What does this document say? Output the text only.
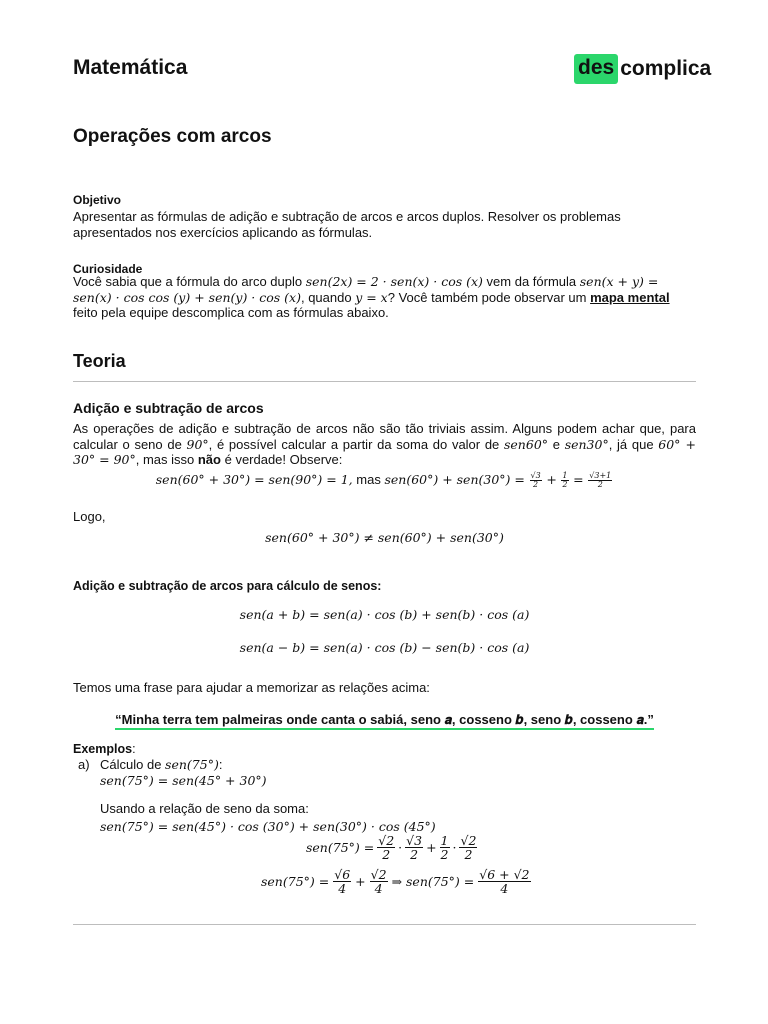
Matemática	des complica
Operações com arcos
Objetivo
Apresentar as fórmulas de adição e subtração de arcos e arcos duplos. Resolver os problemas apresentados nos exercícios aplicando as fórmulas.
Curiosidade
Você sabia que a fórmula do arco duplo sen(2x) = 2 · sen(x) · cos (x) vem da fórmula sen(x + y) = sen(x) · cos cos (y) + sen(y) · cos (x), quando y = x? Você também pode observar um mapa mental feito pela equipe descomplica com as fórmulas abaixo.
Teoria
Adição e subtração de arcos
As operações de adição e subtração de arcos não são tão triviais assim. Alguns podem achar que, para calcular o seno de 90°, é possível calcular a partir da soma do valor de sen60° e sen30°, já que 60° + 30° = 90°, mas isso não é verdade! Observe:
sen(60° + 30°) = sen(90°) = 1, mas $sen(60^\circ) + sen(30^\circ) = \frac{√3}{2} + \frac{1}{2} = \frac{√3+1}{2}$
Logo,
sen(60° + 30°) ≠ sen(60°) + sen(30°)
Adição e subtração de arcos para cálculo de senos:
sen(a + b) = sen(a) · cos (b) + sen(b) · cos (a)
sen(a − b) = sen(a) · cos (b) − sen(b) · cos (a)
Temos uma frase para ajudar a memorizar as relações acima:
“Minha terra tem palmeiras onde canta o sabiá, seno 𝒂, cosseno 𝒃, seno 𝒃, cosseno 𝒂.”
Exemplos:
a) Cálculo de sen(75°):
sen(75°) = sen(45° + 30°)
Usando a relação de seno da soma:
sen(75°) = sen(45°) · cos (30°) + sen(30°) · cos (45°)
$sen(75^\circ) = \frac{√2}{2} \cdot \frac{√3}{2} + \frac{1}{2} \cdot \frac{√2}{2}$
$sen(75^\circ) = \frac{√6}{4} + \frac{√2}{4}$ ⇒ $sen(75^\circ) = \frac{√6 + √2}{4}$
